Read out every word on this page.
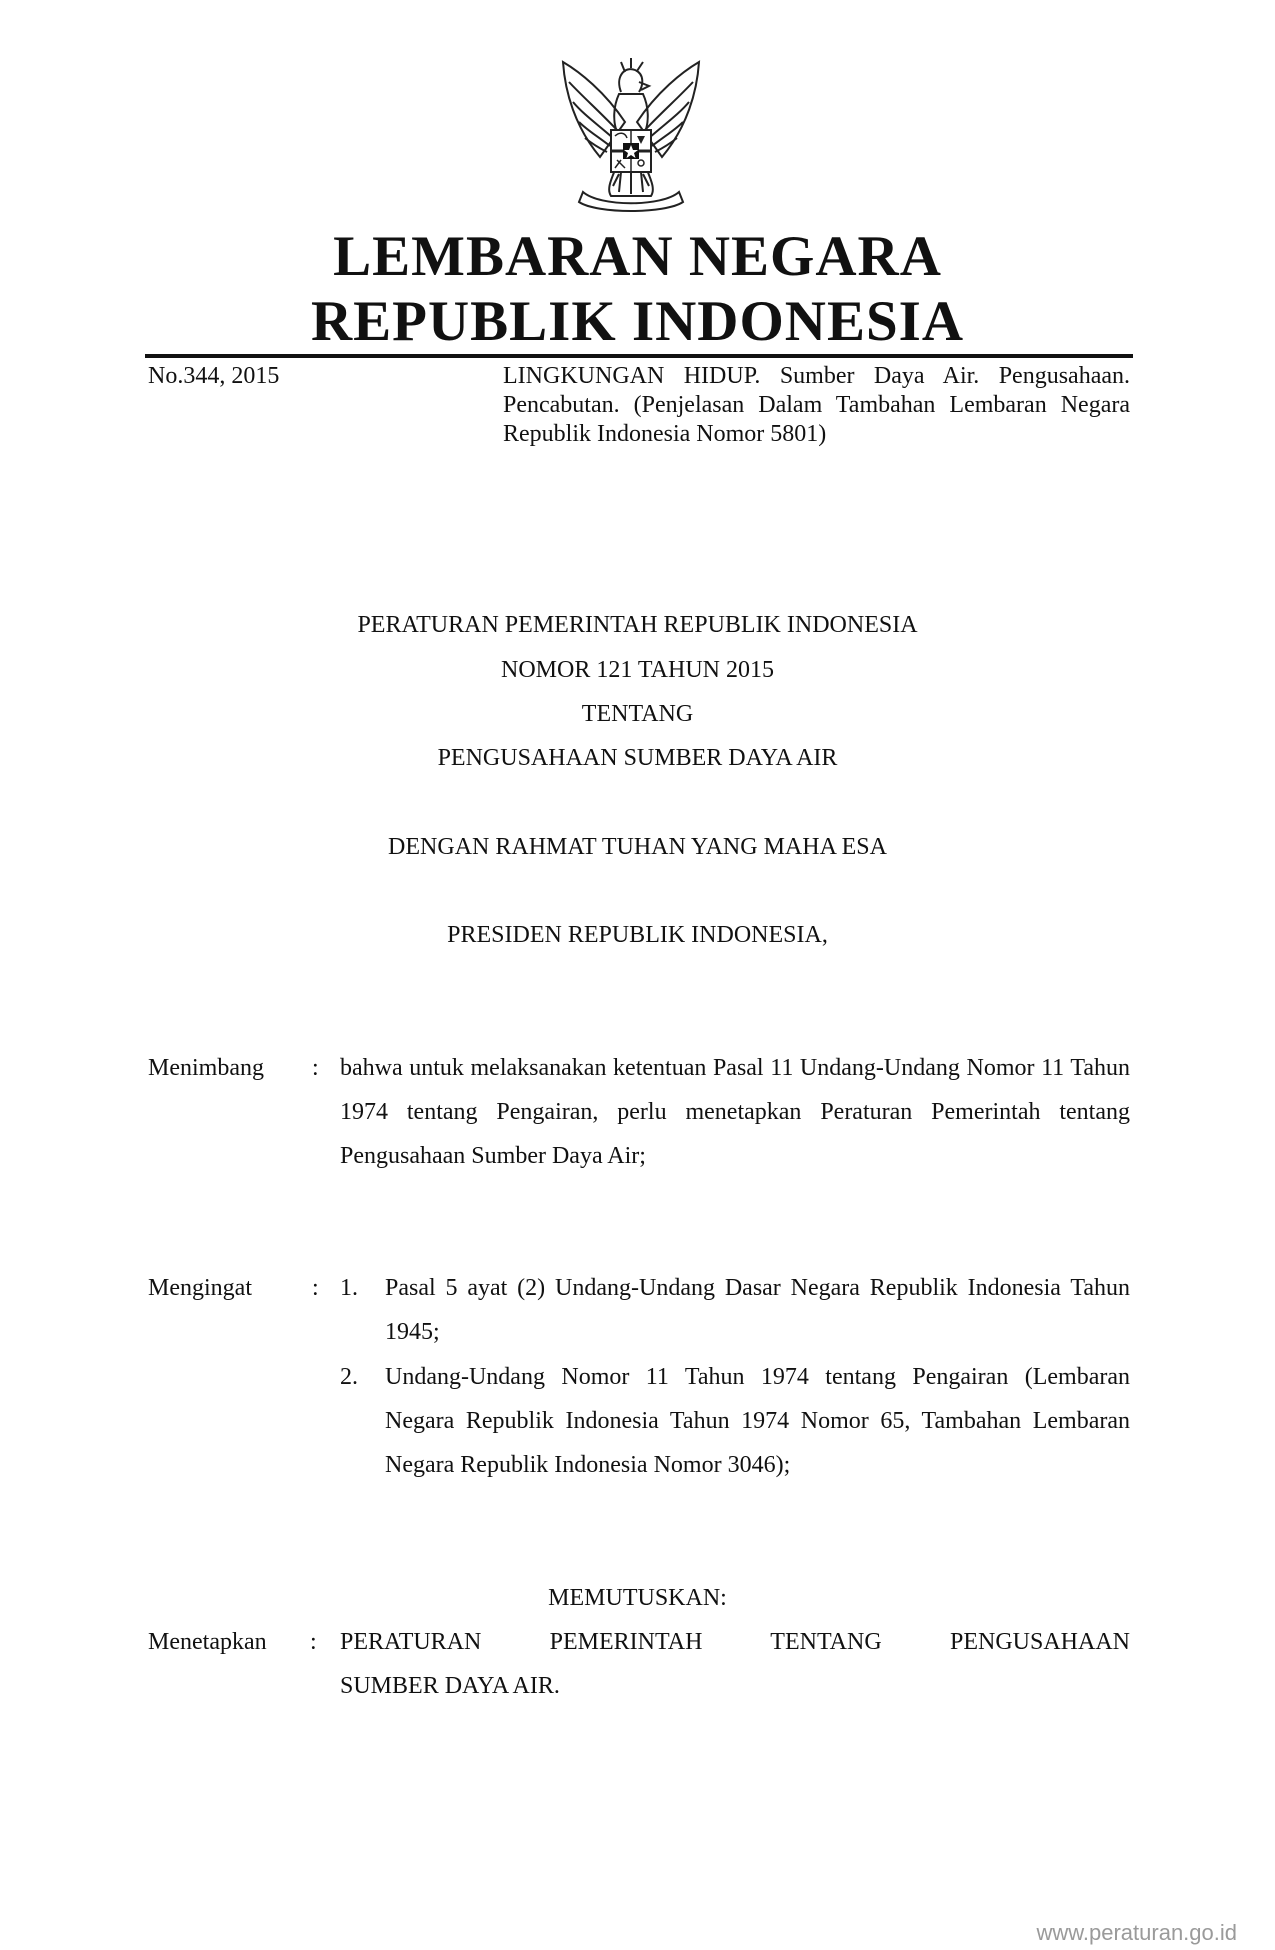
LEMBARAN NEGARA
REPUBLIK INDONESIA
No.344, 2015	LINGKUNGAN HIDUP. Sumber Daya Air. Pengusahaan. Pencabutan. (Penjelasan Dalam Tambahan Lembaran Negara Republik Indonesia Nomor 5801)
PERATURAN PEMERINTAH REPUBLIK INDONESIA
NOMOR 121 TAHUN 2015
TENTANG
PENGUSAHAAN SUMBER DAYA AIR
DENGAN RAHMAT TUHAN YANG MAHA ESA
PRESIDEN REPUBLIK INDONESIA,
Menimbang : bahwa untuk melaksanakan ketentuan Pasal 11 Undang-Undang Nomor 11 Tahun 1974 tentang Pengairan, perlu menetapkan Peraturan Pemerintah tentang Pengusahaan Sumber Daya Air;
Mengingat	: 1. Pasal 5 ayat (2) Undang-Undang Dasar Negara Republik Indonesia Tahun 1945;
2. Undang-Undang Nomor 11 Tahun 1974 tentang Pengairan (Lembaran Negara Republik Indonesia Tahun 1974 Nomor 65, Tambahan Lembaran Negara Republik Indonesia Nomor 3046);
MEMUTUSKAN:
Menetapkan : PERATURAN PEMERINTAH TENTANG PENGUSAHAAN
SUMBER DAYA AIR.
www.peraturan.go.id
